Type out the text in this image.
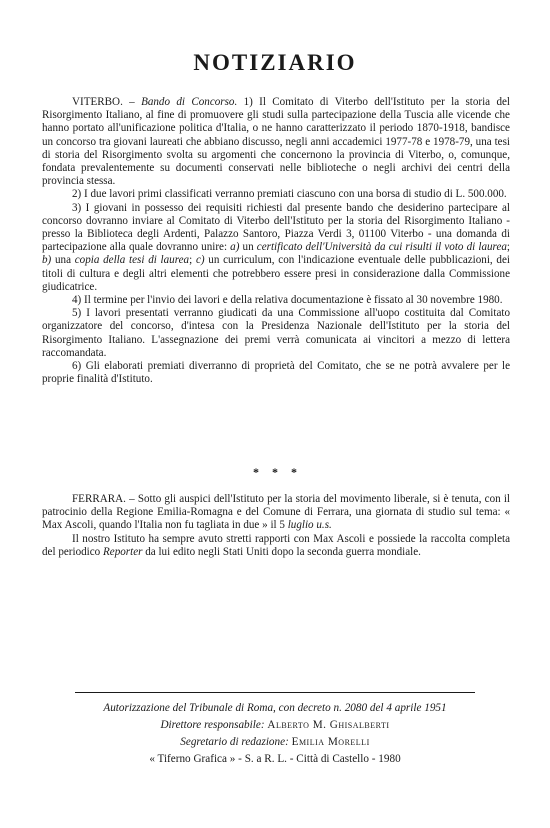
NOTIZIARIO

VITERBO. – Bando di Concorso. 1) Il Comitato di Viterbo dell'Istituto per la storia del Risorgimento Italiano, al fine di promuovere gli studi sulla partecipazione della Tuscia alle vicende che hanno portato all'unificazione politica d'Italia, o ne hanno caratterizzato il periodo 1870-1918, bandisce un concorso tra giovani laureati che abbiano discusso, negli anni accademici 1977-78 e 1978-79, una tesi di storia del Risorgimento svolta su argomenti che concernono la provincia di Viterbo, o, comunque, fondata prevalentemente su documenti conservati nelle biblioteche o negli archivi dei centri della provincia stessa.

2) I due lavori primi classificati verranno premiati ciascuno con una borsa di studio di L. 500.000.

3) I giovani in possesso dei requisiti richiesti dal presente bando che desiderino partecipare al concorso dovranno inviare al Comitato di Viterbo dell'Istituto per la storia del Risorgimento Italiano - presso la Biblioteca degli Ardenti, Palazzo Santoro, Piazza Verdi 3, 01100 Viterbo - una domanda di partecipazione alla quale dovranno unire: a) un certificato dell'Università da cui risulti il voto di laurea; b) una copia della tesi di laurea; c) un curriculum, con l'indicazione eventuale delle pubblicazioni, dei titoli di cultura e degli altri elementi che potrebbero essere presi in considerazione dalla Commissione giudicatrice.

4) Il termine per l'invio dei lavori e della relativa documentazione è fissato al 30 novembre 1980.

5) I lavori presentati verranno giudicati da una Commissione all'uopo costituita dal Comitato organizzatore del concorso, d'intesa con la Presidenza Nazionale dell'Istituto per la storia del Risorgimento Italiano. L'assegnazione dei premi verrà comunicata ai vincitori a mezzo di lettera raccomandata.

6) Gli elaborati premiati diverranno di proprietà del Comitato, che se ne potrà avvalere per le proprie finalità d'Istituto.

* * *

FERRARA. – Sotto gli auspici dell'Istituto per la storia del movimento liberale, si è tenuta, con il patrocinio della Regione Emilia-Romagna e del Comune di Ferrara, una giornata di studio sul tema: « Max Ascoli, quando l'Italia non fu tagliata in due » il 5 luglio u.s.

Il nostro Istituto ha sempre avuto stretti rapporti con Max Ascoli e possiede la raccolta completa del periodico Reporter da lui edito negli Stati Uniti dopo la seconda guerra mondiale.

Autorizzazione del Tribunale di Roma, con decreto n. 2080 del 4 aprile 1951
Direttore responsabile: Alberto M. Ghisalberti
Segretario di redazione: Emilia Morelli
« Tiferno Grafica » - S. a R. L. - Città di Castello - 1980
